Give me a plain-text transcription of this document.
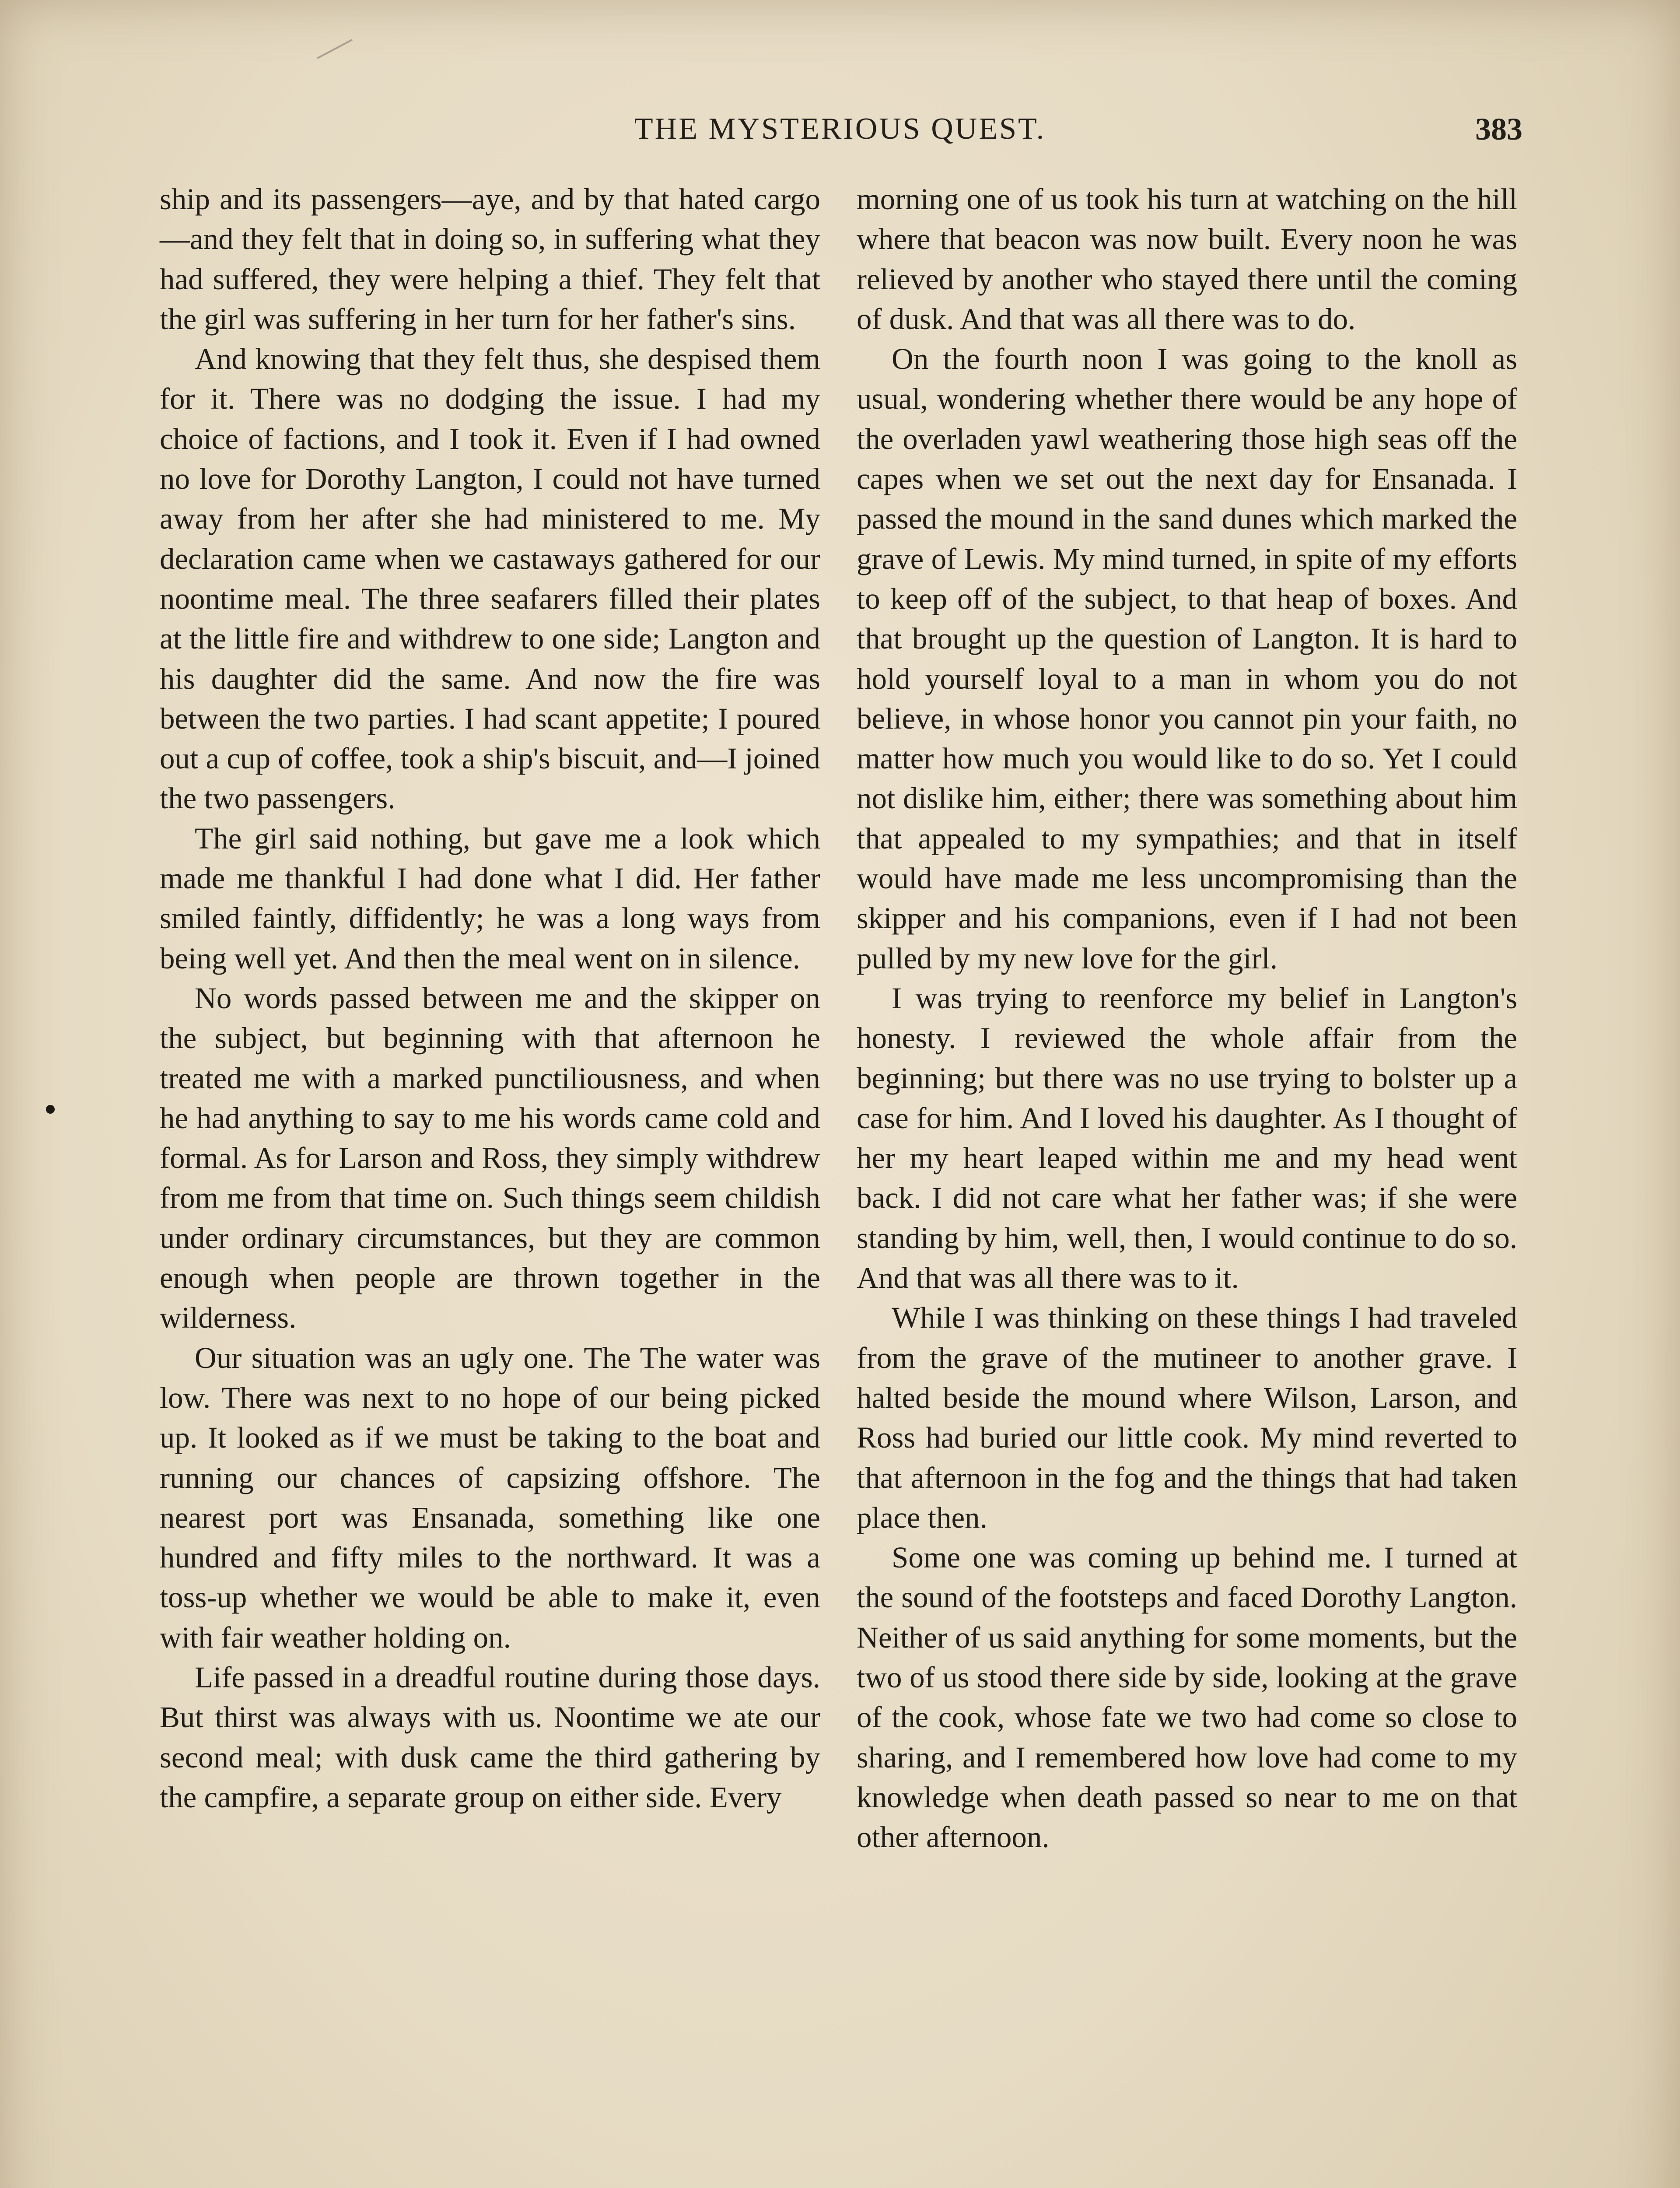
THE MYSTERIOUS QUEST.	383

ship and its passengers—aye, and by that hated cargo—and they felt that in doing so, in suffering what they had suffered, they were helping a thief. They felt that the girl was suffering in her turn for her father's sins.

And knowing that they felt thus, she despised them for it. There was no dodging the issue. I had my choice of factions, and I took it. Even if I had owned no love for Dorothy Langton, I could not have turned away from her after she had ministered to me. My declaration came when we castaways gathered for our noontime meal. The three seafarers filled their plates at the little fire and withdrew to one side; Langton and his daughter did the same. And now the fire was between the two parties. I had scant appetite; I poured out a cup of coffee, took a ship's biscuit, and—I joined the two passengers.

The girl said nothing, but gave me a look which made me thankful I had done what I did. Her father smiled faintly, diffidently; he was a long ways from being well yet. And then the meal went on in silence.

No words passed between me and the skipper on the subject, but beginning with that afternoon he treated me with a marked punctiliousness, and when he had anything to say to me his words came cold and formal. As for Larson and Ross, they simply withdrew from me from that time on. Such things seem childish under ordinary circumstances, but they are common enough when people are thrown together in the wilderness.

Our situation was an ugly one. The The water was low. There was next to no hope of our being picked up. It looked as if we must be taking to the boat and running our chances of capsizing offshore. The nearest port was Ensanada, something like one hundred and fifty miles to the northward. It was a toss-up whether we would be able to make it, even with fair weather holding on.

Life passed in a dreadful routine during those days. But thirst was always with us. Noontime we ate our second meal; with dusk came the third gathering by the campfire, a separate group on either side. Every

morning one of us took his turn at watching on the hill where that beacon was now built. Every noon he was relieved by another who stayed there until the coming of dusk. And that was all there was to do.

On the fourth noon I was going to the knoll as usual, wondering whether there would be any hope of the overladen yawl weathering those high seas off the capes when we set out the next day for Ensanada. I passed the mound in the sand dunes which marked the grave of Lewis. My mind turned, in spite of my efforts to keep off of the subject, to that heap of boxes. And that brought up the question of Langton. It is hard to hold yourself loyal to a man in whom you do not believe, in whose honor you cannot pin your faith, no matter how much you would like to do so. Yet I could not dislike him, either; there was something about him that appealed to my sympathies; and that in itself would have made me less uncompromising than the skipper and his companions, even if I had not been pulled by my new love for the girl.

I was trying to reenforce my belief in Langton's honesty. I reviewed the whole affair from the beginning; but there was no use trying to bolster up a case for him. And I loved his daughter. As I thought of her my heart leaped within me and my head went back. I did not care what her father was; if she were standing by him, well, then, I would continue to do so. And that was all there was to it.

While I was thinking on these things I had traveled from the grave of the mutineer to another grave. I halted beside the mound where Wilson, Larson, and Ross had buried our little cook. My mind reverted to that afternoon in the fog and the things that had taken place then.

Some one was coming up behind me. I turned at the sound of the footsteps and faced Dorothy Langton. Neither of us said anything for some moments, but the two of us stood there side by side, looking at the grave of the cook, whose fate we two had come so close to sharing, and I remembered how love had come to my knowledge when death passed so near to me on that other afternoon.
